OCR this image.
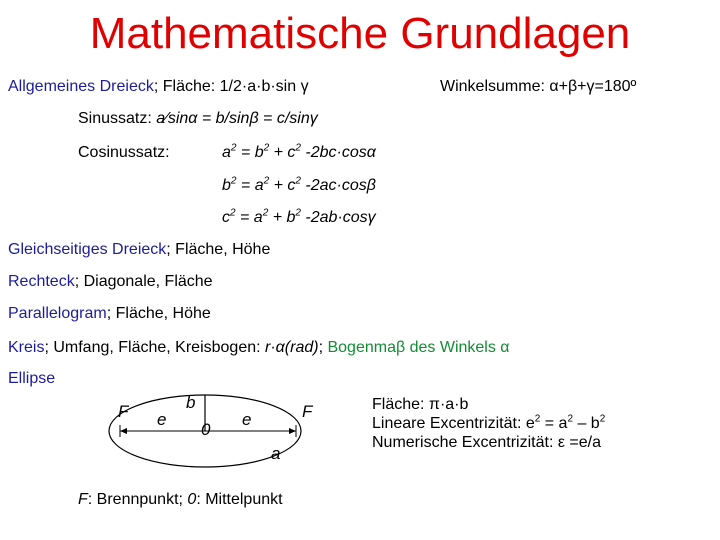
Mathematische Grundlagen
Allgemeines Dreieck; Fläche: 1/2·a·b·sin γ	Winkelsumme: α+β+γ=180º
Sinussatz: a⁄sinα = b/sinβ = c/sinγ
Cosinussatz:	$a^2 = b^2 + c^2$ -2bc·cosα
$b^2 = a^2 + c^2$ -2ac·cosβ
$c^2 = a^2 + b^2$ -2ab·cosγ
Gleichseitiges Dreieck; Fläche, Höhe
Rechteck; Diagonale, Fläche
Parallelogram; Fläche, Höhe
Kreis; Umfang, Fläche, Kreisbogen: r·α(rad); Bogenmaβ des Winkels α
Ellipse
F e
b
0
e	F
a
F: Brennpunkt; 0: Mittelpunkt
Fläche: π·a·b
Lineare Excentrizität: $e^2 = a^2 - b^2$
Numerische Excentrizität: ε =e/a
